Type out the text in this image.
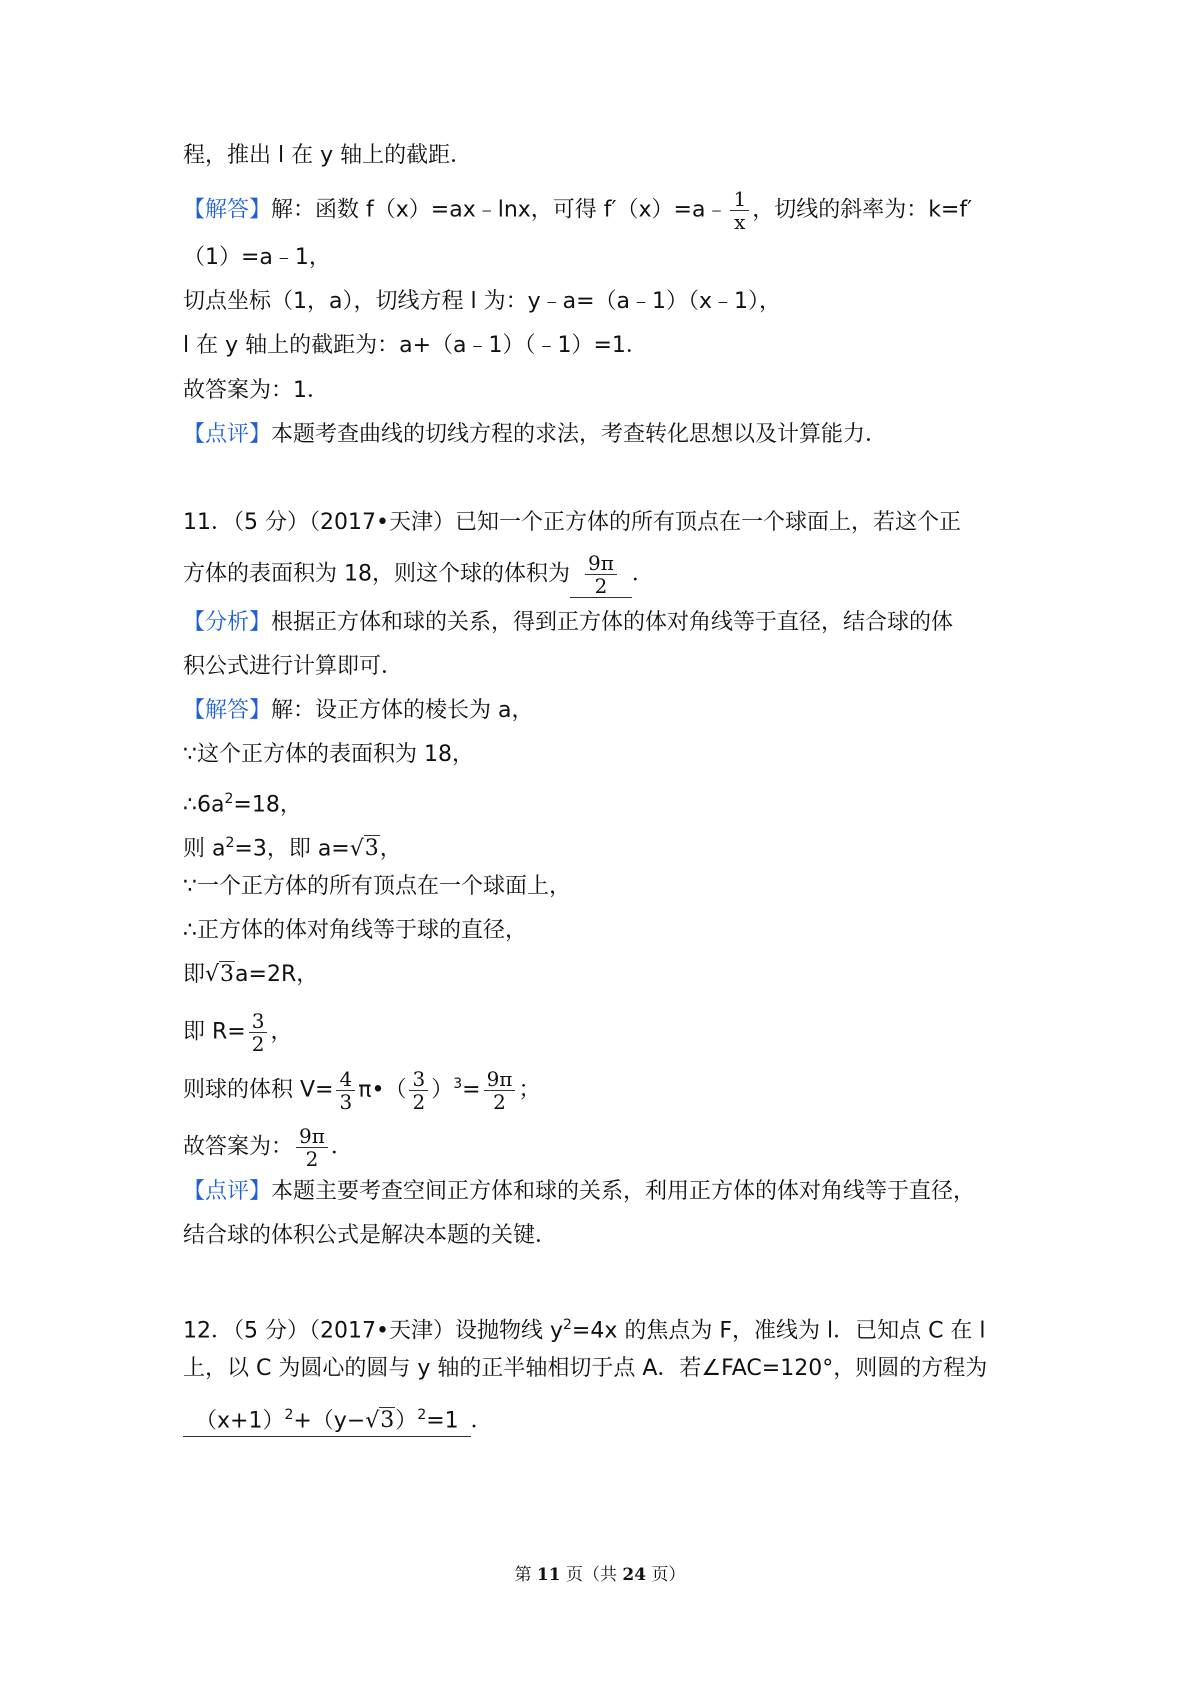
程，推出 l 在 y 轴上的截距．
【解答】解：函数 f（x）=ax﹣lnx，可得 f′（x）=a﹣ $\frac{1}{x}$ ，切线的斜率为：k=f′
（1）=a﹣1，
切点坐标（1，a），切线方程 l 为：y﹣a=（a﹣1）（x﹣1），
l 在 y 轴上的截距为：a+（a﹣1）（﹣1）=1．
故答案为：1．
【点评】本题考查曲线的切线方程的求法，考查转化思想以及计算能力．
11．（5 分）（2017•天津）已知一个正方体的所有顶点在一个球面上，若这个正
方体的表面积为 18，则这个球的体积为 $\frac{9\pi}{2}$ ．
【分析】根据正方体和球的关系，得到正方体的体对角线等于直径，结合球的体
积公式进行计算即可．
【解答】解：设正方体的棱长为 a，
∵这个正方体的表面积为 18，
$\therefore 6a^2=18$，
则 $a^2=3$，即 a=√3，
∵一个正方体的所有顶点在一个球面上，
∴正方体的体对角线等于球的直径，
即√3a=2R，
即 $R= \frac{3}{2}$ ，
则球的体积 $V= \frac{4}{3}$ π•（ $\frac{3}{2} )^3= \frac{9\pi}{2}$ ；
故答案为： $\frac{9\pi}{2}$ ．
【点评】本题主要考查空间正方体和球的关系，利用正方体的体对角线等于直径，
结合球的体积公式是解决本题的关键．
12．（5 分）（2017•天津）设抛物线 $y^2=4x$ 的焦点为 F，准线为 l．已知点 C 在 l
上，以 C 为圆心的圆与 y 轴的正半轴相切于点 A．若∠FAC=120°，则圆的方程为
$(x+1)^2+(y-√3)^2=1$ ．
第 11 页（共 24 页）
